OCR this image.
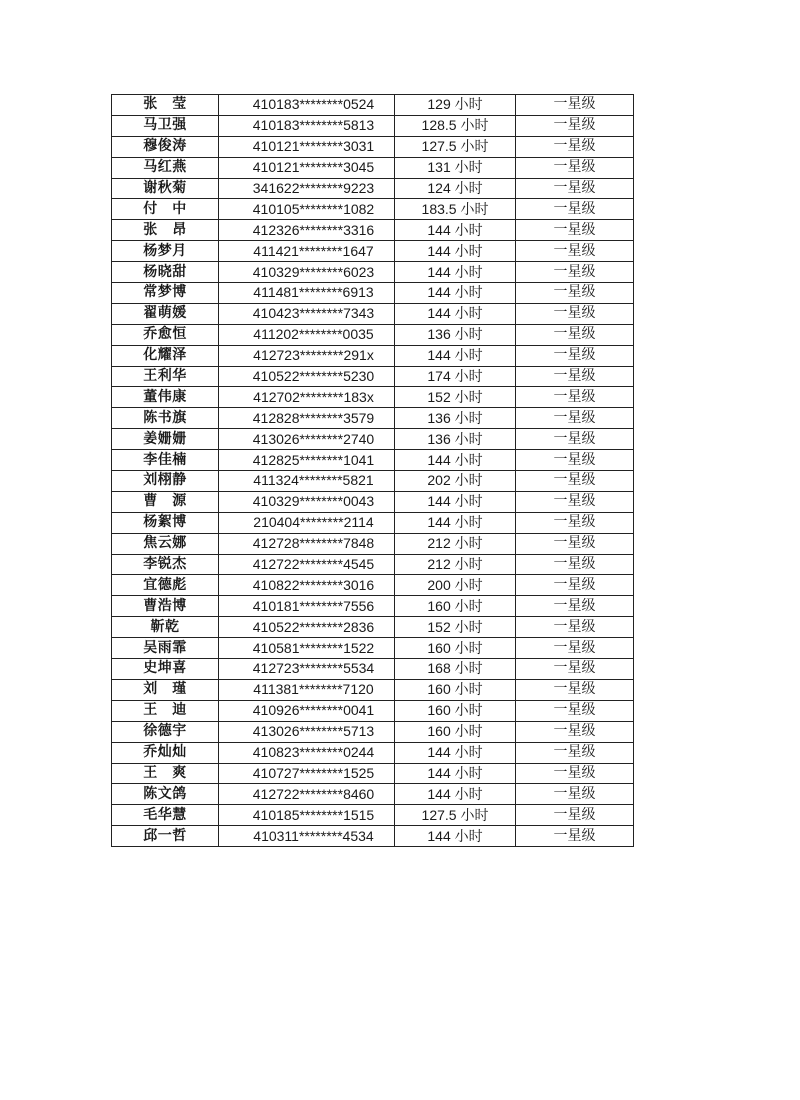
张　莹	410183********0524	129 小时	一星级
马卫强	410183********5813	128.5 小时	一星级
穆俊涛	410121********3031	127.5 小时	一星级
马红燕	410121********3045	131 小时	一星级
谢秋菊	341622********9223	124 小时	一星级
付　中	410105********1082	183.5 小时	一星级
张　昂	412326********3316	144 小时	一星级
杨梦月	411421********1647	144 小时	一星级
杨晓甜	410329********6023	144 小时	一星级
常梦博	411481********6913	144 小时	一星级
翟萌媛	410423********7343	144 小时	一星级
乔愈恒	411202********0035	136 小时	一星级
化耀泽	412723********291x	144 小时	一星级
王利华	410522********5230	174 小时	一星级
董伟康	412702********183x	152 小时	一星级
陈书旗	412828********3579	136 小时	一星级
姜姗姗	413026********2740	136 小时	一星级
李佳楠	412825********1041	144 小时	一星级
刘栩静	411324********5821	202 小时	一星级
曹　源	410329********0043	144 小时	一星级
杨絮博	210404********2114	144 小时	一星级
焦云娜	412728********7848	212 小时	一星级
李锐杰	412722********4545	212 小时	一星级
宜德彪	410822********3016	200 小时	一星级
曹浩博	410181********7556	160 小时	一星级
靳乾	410522********2836	152 小时	一星级
吴雨霏	410581********1522	160 小时	一星级
史坤喜	412723********5534	168 小时	一星级
刘　瑾	411381********7120	160 小时	一星级
王　迪	410926********0041	160 小时	一星级
徐德宇	413026********5713	160 小时	一星级
乔灿灿	410823********0244	144 小时	一星级
王　爽	410727********1525	144 小时	一星级
陈文鸽	412722********8460	144 小时	一星级
毛华慧	410185********1515	127.5 小时	一星级
邱一哲	410311********4534	144 小时	一星级
